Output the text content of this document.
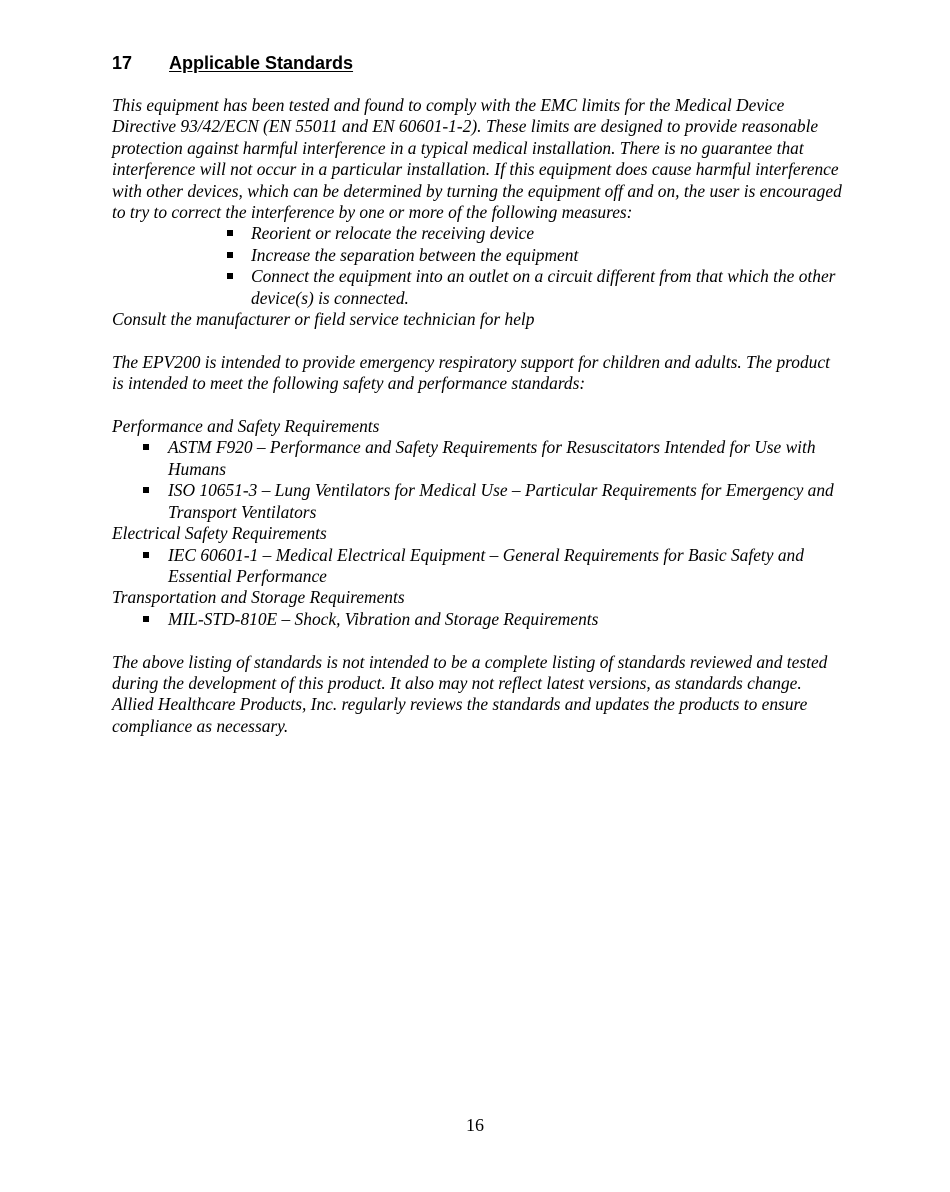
17 Applicable Standards

This equipment has been tested and found to comply with the EMC limits for the Medical Device Directive 93/42/ECN (EN 55011 and EN 60601-1-2). These limits are designed to provide reasonable protection against harmful interference in a typical medical installation. There is no guarantee that interference will not occur in a particular installation. If this equipment does cause harmful interference with other devices, which can be determined by turning the equipment off and on, the user is encouraged to try to correct the interference by one or more of the following measures:

Reorient or relocate the receiving device
Increase the separation between the equipment
Connect the equipment into an outlet on a circuit different from that which the other device(s) is connected.

Consult the manufacturer or field service technician for help

The EPV200 is intended to provide emergency respiratory support for children and adults. The product is intended to meet the following safety and performance standards:

Performance and Safety Requirements

ASTM F920 – Performance and Safety Requirements for Resuscitators Intended for Use with Humans
ISO 10651-3 – Lung Ventilators for Medical Use – Particular Requirements for Emergency and Transport Ventilators

Electrical Safety Requirements

IEC 60601-1 – Medical Electrical Equipment – General Requirements for Basic Safety and Essential Performance

Transportation and Storage Requirements

MIL-STD-810E – Shock, Vibration and Storage Requirements

The above listing of standards is not intended to be a complete listing of standards reviewed and tested during the development of this product. It also may not reflect latest versions, as standards change. Allied Healthcare Products, Inc. regularly reviews the standards and updates the products to ensure compliance as necessary.

16
